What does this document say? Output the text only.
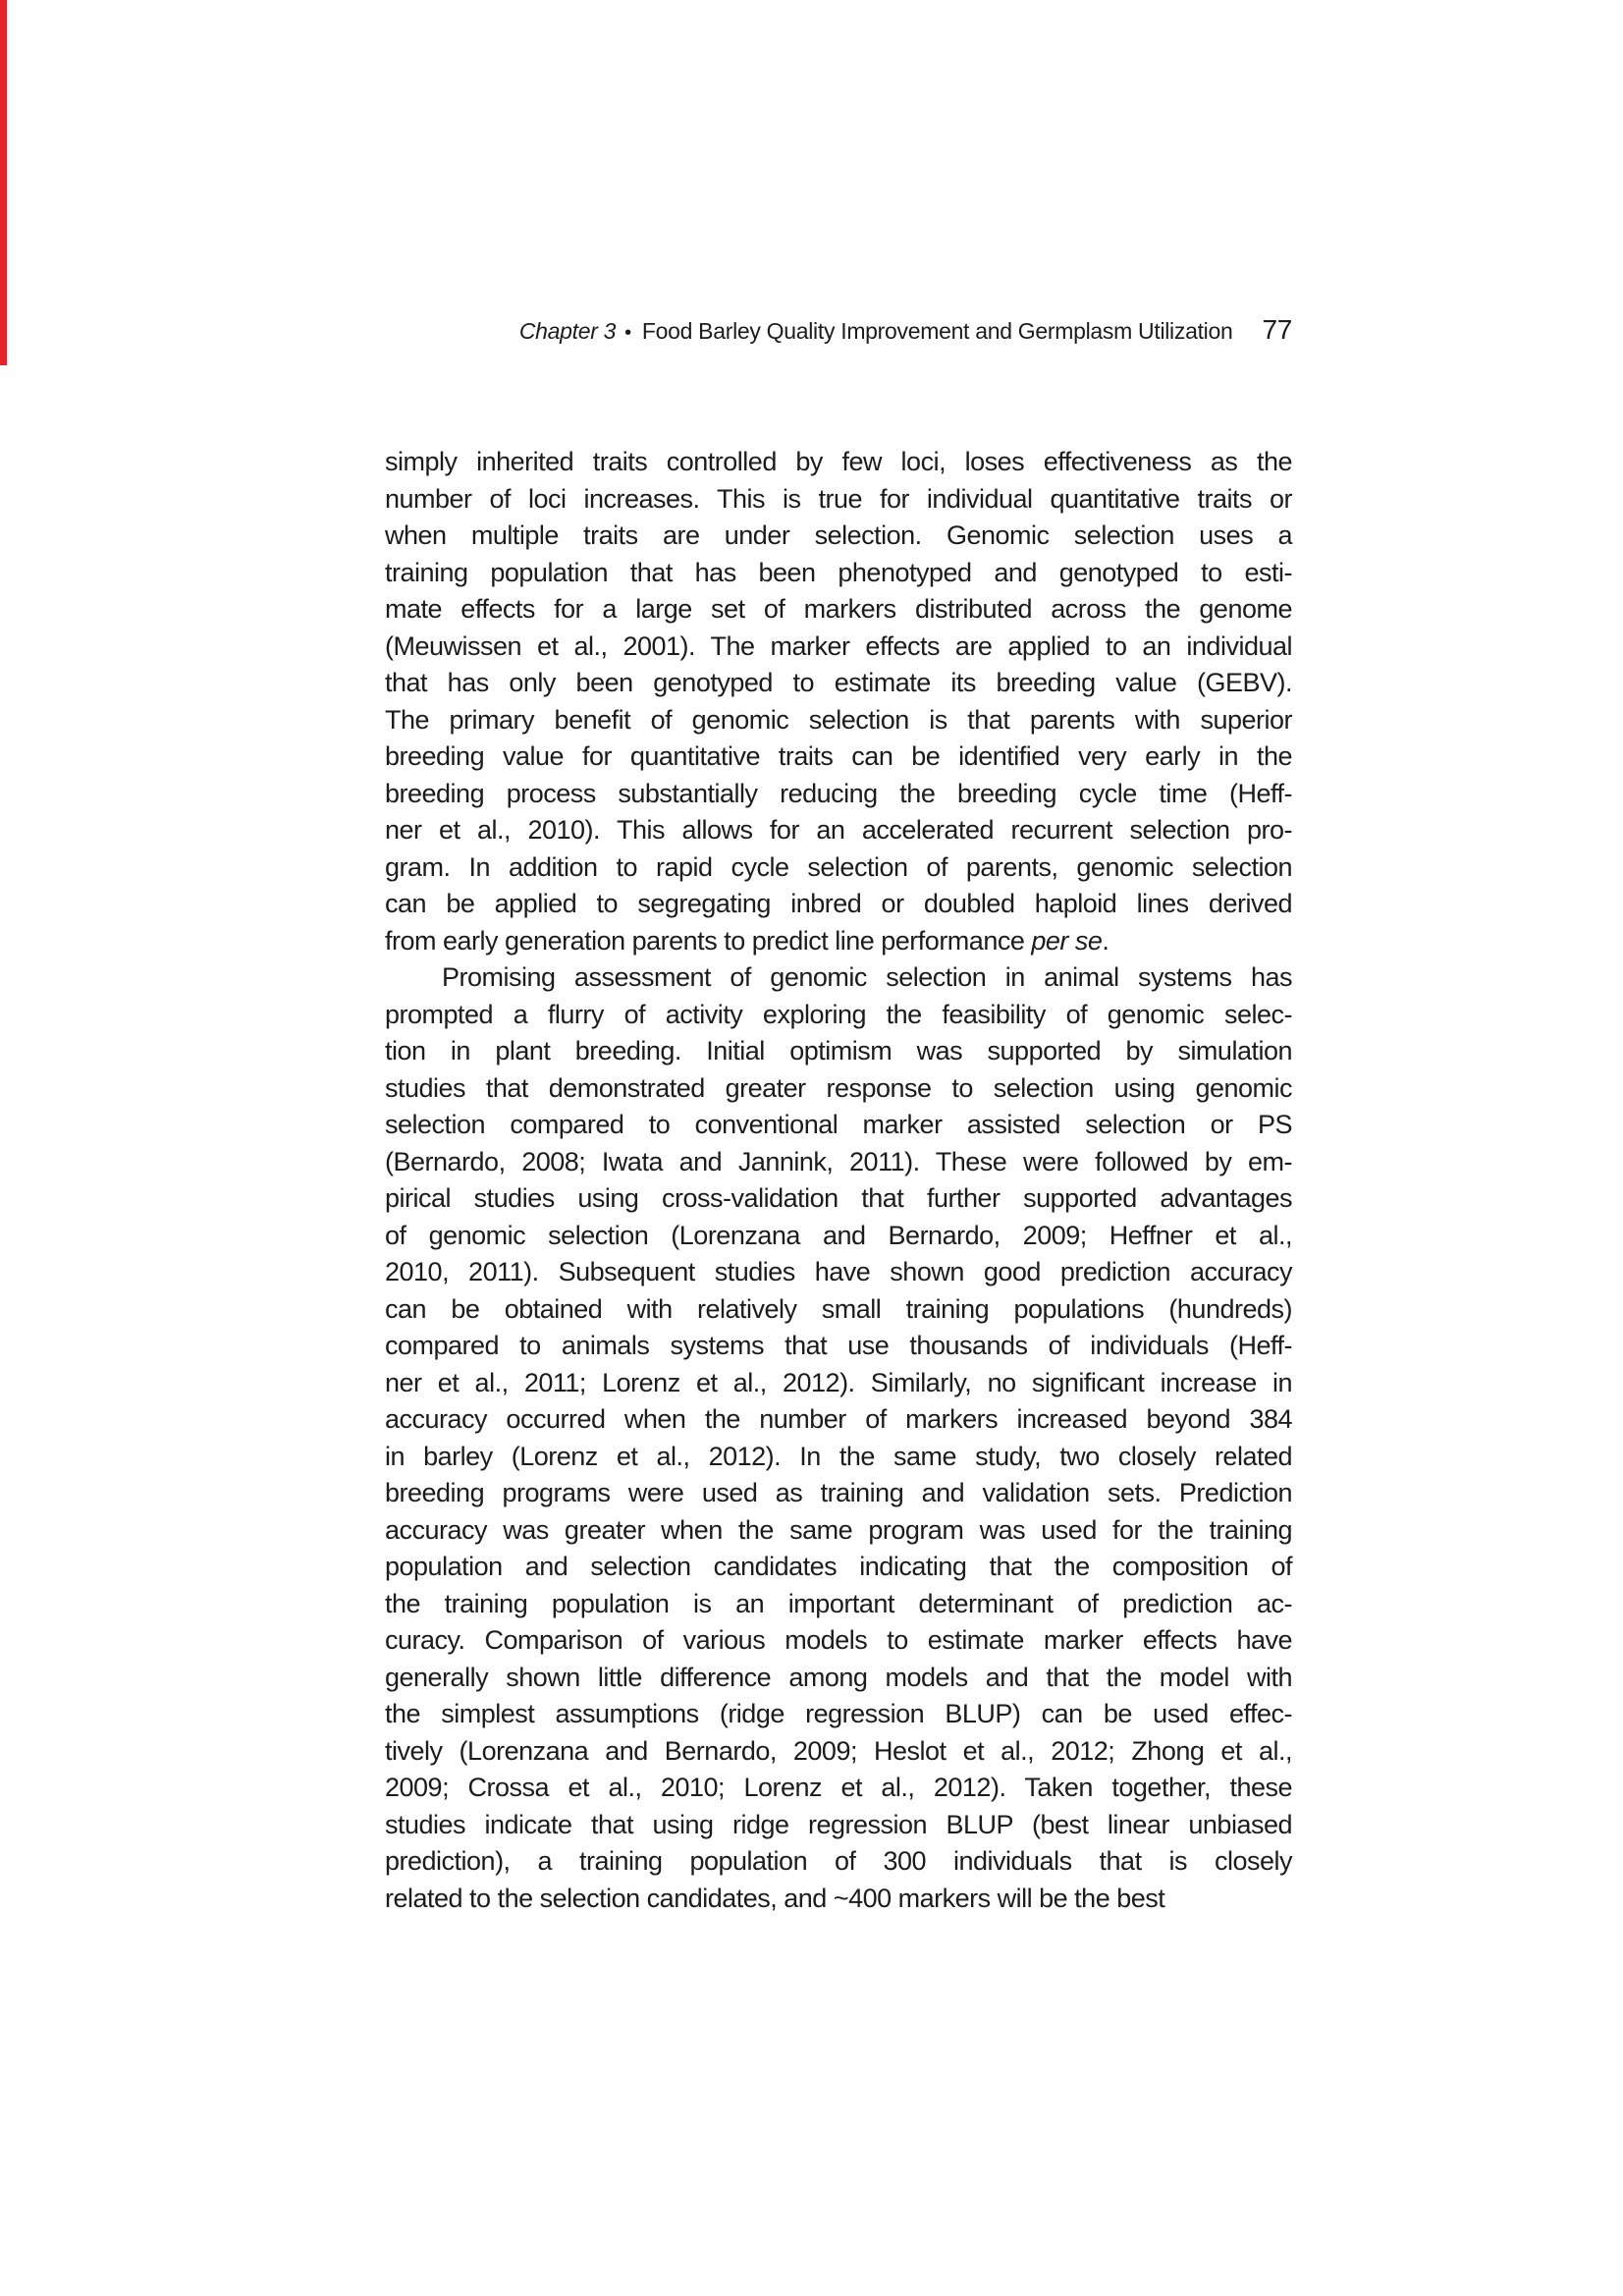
Chapter 3 • Food Barley Quality Improvement and Germplasm Utilization 77
simply inherited traits controlled by few loci, loses effectiveness as the
number of loci increases. This is true for individual quantitative traits or
when multiple traits are under selection. Genomic selection uses a
training population that has been phenotyped and genotyped to esti-
mate effects for a large set of markers distributed across the genome
(Meuwissen et al., 2001). The marker effects are applied to an individual
that has only been genotyped to estimate its breeding value (GEBV).
The primary benefit of genomic selection is that parents with superior
breeding value for quantitative traits can be identified very early in the
breeding process substantially reducing the breeding cycle time (Heff-
ner et al., 2010). This allows for an accelerated recurrent selection pro-
gram. In addition to rapid cycle selection of parents, genomic selection
can be applied to segregating inbred or doubled haploid lines derived
from early generation parents to predict line performance per se.
Promising assessment of genomic selection in animal systems has
prompted a flurry of activity exploring the feasibility of genomic selec-
tion in plant breeding. Initial optimism was supported by simulation
studies that demonstrated greater response to selection using genomic
selection compared to conventional marker assisted selection or PS
(Bernardo, 2008; Iwata and Jannink, 2011). These were followed by em-
pirical studies using cross-validation that further supported advantages
of genomic selection (Lorenzana and Bernardo, 2009; Heffner et al.,
2010, 2011). Subsequent studies have shown good prediction accuracy
can be obtained with relatively small training populations (hundreds)
compared to animals systems that use thousands of individuals (Heff-
ner et al., 2011; Lorenz et al., 2012). Similarly, no significant increase in
accuracy occurred when the number of markers increased beyond 384
in barley (Lorenz et al., 2012). In the same study, two closely related
breeding programs were used as training and validation sets. Prediction
accuracy was greater when the same program was used for the training
population and selection candidates indicating that the composition of
the training population is an important determinant of prediction ac-
curacy. Comparison of various models to estimate marker effects have
generally shown little difference among models and that the model with
the simplest assumptions (ridge regression BLUP) can be used effec-
tively (Lorenzana and Bernardo, 2009; Heslot et al., 2012; Zhong et al.,
2009; Crossa et al., 2010; Lorenz et al., 2012). Taken together, these
studies indicate that using ridge regression BLUP (best linear unbiased
prediction), a training population of 300 individuals that is closely
related to the selection candidates, and ~400 markers will be the best
